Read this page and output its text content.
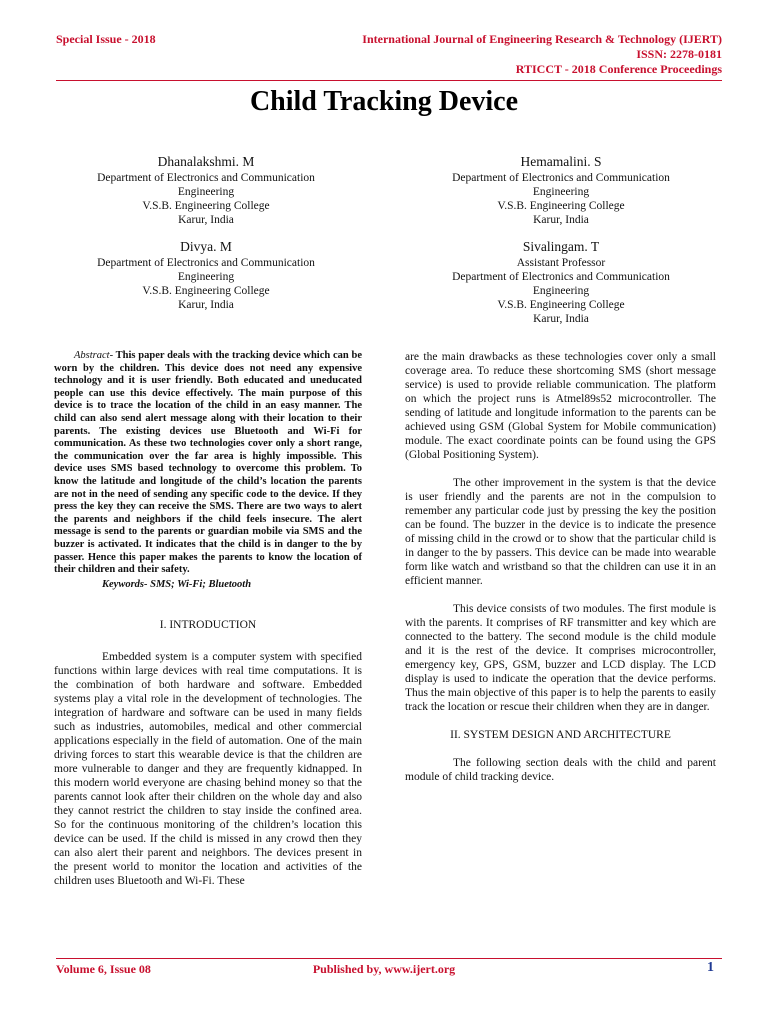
Special Issue - 2018	International Journal of Engineering Research & Technology (IJERT)
ISSN: 2278-0181
RTICCT - 2018 Conference Proceedings
Child Tracking Device
Dhanalakshmi. M
Department of Electronics and Communication
Engineering
V.S.B. Engineering College
Karur, India
Hemamalini. S
Department of Electronics and Communication
Engineering
V.S.B. Engineering College
Karur, India
Divya. M
Department of Electronics and Communication
Engineering
V.S.B. Engineering College
Karur, India
Sivalingam. T
Assistant Professor
Department of Electronics and Communication
Engineering
V.S.B. Engineering College
Karur, India

Abstract- This paper deals with the tracking device which can be worn by the children. This device does not need any expensive technology and it is user friendly. Both educated and uneducated people can use this device effectively. The main purpose of this device is to trace the location of the child in an easy manner. The child can also send alert message along with their location to their parents. The existing devices use Bluetooth and Wi-Fi for communication. As these two technologies cover only a short range, the communication over the far area is highly impossible. This device uses SMS based technology to overcome this problem. To know the latitude and longitude of the child’s location the parents are not in the need of sending any specific code to the device. If they press the key they can receive the SMS. There are two ways to alert the parents and neighbors if the child feels insecure. The alert message is send to the parents or guardian mobile via SMS and the buzzer is activated. It indicates that the child is in danger to the by passer. Hence this paper makes the parents to know the location of their children and their safety.

Keywords- SMS; Wi-Fi; Bluetooth

I. INTRODUCTION

Embedded system is a computer system with specified functions within large devices with real time computations. It is the combination of both hardware and software. Embedded systems play a vital role in the development of technologies. The integration of hardware and software can be used in many fields such as industries, automobiles, medical and other commercial applications especially in the field of automation. One of the main driving forces to start this wearable device is that the children are more vulnerable to danger and they are frequently kidnapped. In this modern world everyone are chasing behind money so that the parents cannot look after their children on the whole day and also they cannot restrict the children to stay inside the confined area. So for the continuous monitoring of the children’s location this device can be used. If the child is missed in any crowd then they can also alert their parent and neighbors. The devices present in the present world to monitor the location and activities of the children uses Bluetooth and Wi-Fi. These

are the main drawbacks as these technologies cover only a small coverage area. To reduce these shortcoming SMS (short message service) is used to provide reliable communication. The platform on which the project runs is Atmel89s52 microcontroller. The sending of latitude and longitude information to the parents can be achieved using GSM (Global System for Mobile communication) module. The exact coordinate points can be found using the GPS (Global Positioning System).

The other improvement in the system is that the device is user friendly and the parents are not in the compulsion to remember any particular code just by pressing the key the position can be found. The buzzer in the device is to indicate the presence of missing child in the crowd or to show that the particular child is in danger to the by passers. This device can be made into wearable form like watch and wristband so that the children can use it in an efficient manner.

This device consists of two modules. The first module is with the parents. It comprises of RF transmitter and key which are connected to the battery. The second module is the child module and it is the rest of the device. It comprises microcontroller, emergency key, GPS, GSM, buzzer and LCD display. The LCD display is used to indicate the operation that the device performs. Thus the main objective of this paper is to help the parents to easily track the location or rescue their children when they are in danger.

II. SYSTEM DESIGN AND ARCHITECTURE

The following section deals with the child and parent module of child tracking device.

Volume 6, Issue 08	Published by, www.ijert.org	1
